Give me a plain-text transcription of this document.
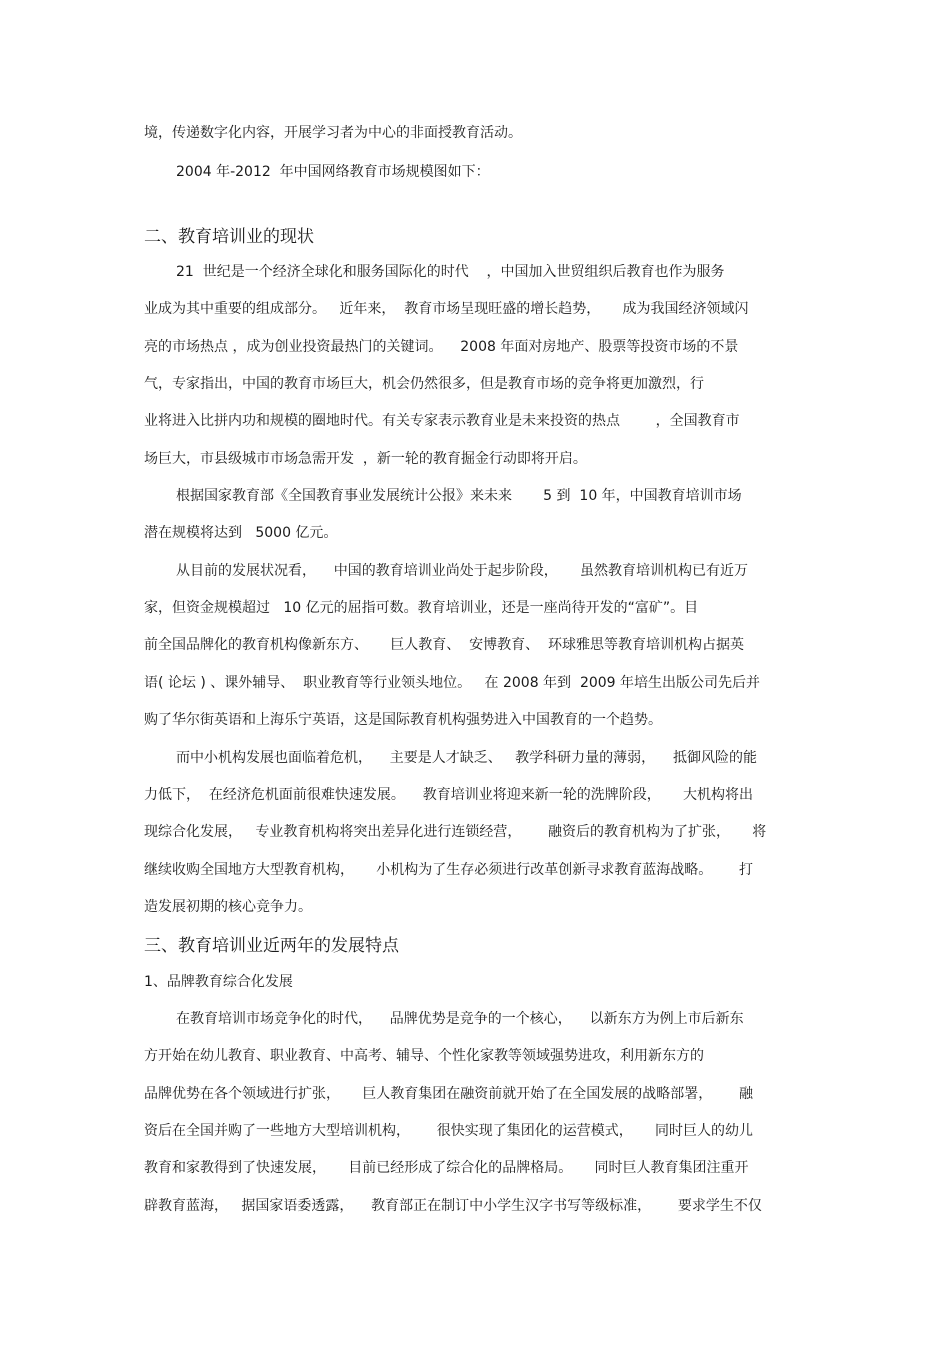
境，传递数字化内容，开展学习者为中心的非面授教育活动。
2004 年-2012  年中国网络教育市场规模图如下：
二、教育培训业的现状
21  世纪是一个经济全球化和服务国际化的时代    ，中国加入世贸组织后教育也作为服务
业成为其中重要的组成部分。   近年来，  教育市场呈现旺盛的增长趋势，     成为我国经济领域闪
亮的市场热点 ，成为创业投资最热门的关键词。    2008 年面对房地产、股票等投资市场的不景
气，专家指出，中国的教育市场巨大，机会仍然很多，但是教育市场的竞争将更加激烈，行
业将进入比拼内功和规模的圈地时代。有关专家表示教育业是未来投资的热点        ，全国教育市
场巨大，市县级城市市场急需开发  ，新一轮的教育掘金行动即将开启。
根据国家教育部《全国教育事业发展统计公报》来未来       5 到  10 年，中国教育培训市场
潜在规模将达到   5000 亿元。
从目前的发展状况看，    中国的教育培训业尚处于起步阶段，     虽然教育培训机构已有近万
家，但资金规模超过   10 亿元的屈指可数。教育培训业，还是一座尚待开发的“富矿”。目
前全国品牌化的教育机构像新东方、     巨人教育、  安博教育、  环球雅思等教育培训机构占据英
语( 论坛 ) 、课外辅导、  职业教育等行业领头地位。   在 2008 年到  2009 年培生出版公司先后并
购了华尔街英语和上海乐宁英语，这是国际教育机构强势进入中国教育的一个趋势。
而中小机构发展也面临着危机，    主要是人才缺乏、   教学科研力量的薄弱，    抵御风险的能
力低下，  在经济危机面前很难快速发展。    教育培训业将迎来新一轮的洗牌阶段，     大机构将出
现综合化发展，   专业教育机构将突出差异化进行连锁经营，      融资后的教育机构为了扩张，     将
继续收购全国地方大型教育机构，     小机构为了生存必须进行改革创新寻求教育蓝海战略。      打
造发展初期的核心竞争力。
三、教育培训业近两年的发展特点
1、品牌教育综合化发展
在教育培训市场竞争化的时代，    品牌优势是竞争的一个核心，    以新东方为例上市后新东
方开始在幼儿教育、职业教育、中高考、辅导、个性化家教等领域强势进攻，利用新东方的
品牌优势在各个领域进行扩张，     巨人教育集团在融资前就开始了在全国发展的战略部署，      融
资后在全国并购了一些地方大型培训机构，      很快实现了集团化的运营模式，     同时巨人的幼儿
教育和家教得到了快速发展，     目前已经形成了综合化的品牌格局。     同时巨人教育集团注重开
辟教育蓝海，   据国家语委透露，    教育部正在制订中小学生汉字书写等级标准，      要求学生不仅
